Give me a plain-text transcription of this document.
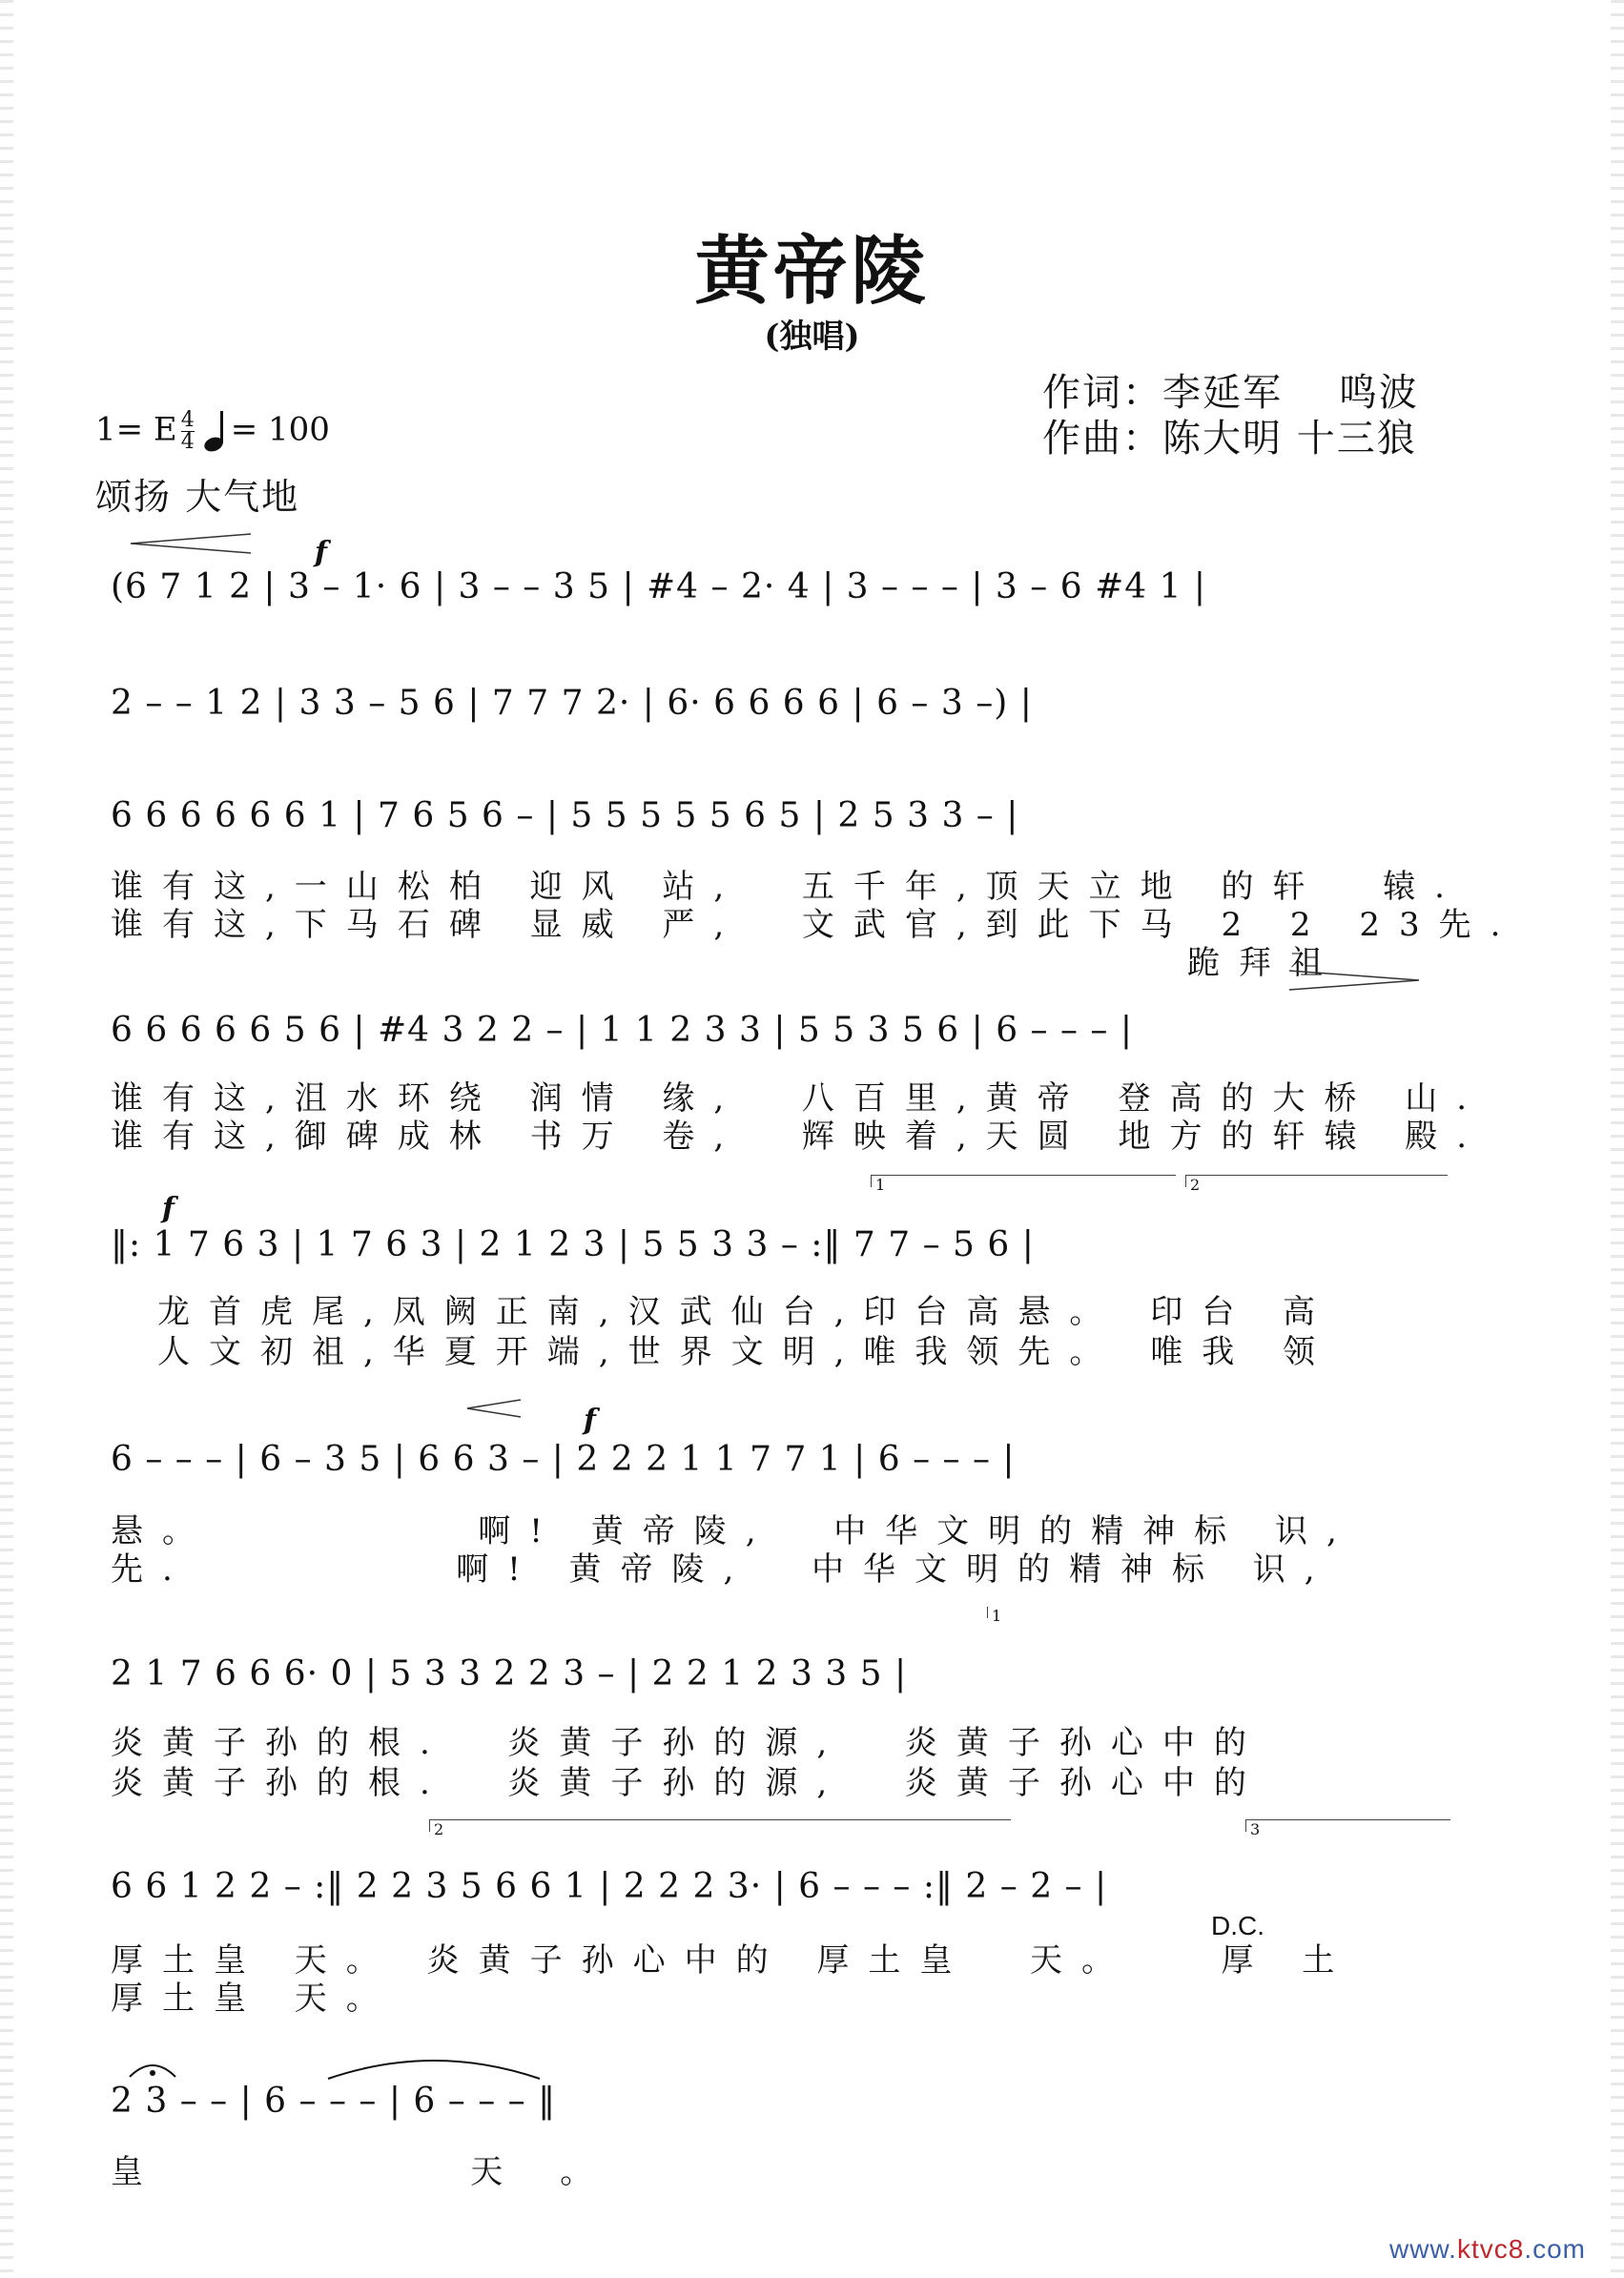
黄帝陵
(独唱)
作词：李延军    鸣波
作曲：陈大明 十三狼
1= E $\frac{4}{4} = 100$
颂扬 大气地
f
(6 7 1 2 | 3 – 1· 6 | 3 – – 3 5 | #4 – 2· 4 | 3 – – – | 3 – 6 #4 1 |
2 – – 1 2 | 3 3 – 5 6 | 7 7 7 2· | 6· 6 6 6 6 | 6 – 3 –) |
6 6 6 6 6 6 1 | 7 6 5 6 – | 5 5 5 5 5 6 5 | 2 5 3 3 – |
谁有这,一山松柏 迎风 站,  五千年,顶天立地 的轩  辕.
谁有这,下马石碑 显威 严,  文武官,到此下马 2 2 23先.
跪拜祖
6 6 6 6 6 5 6 | #4 3 2 2 – | 1 1 2 3 3 | 5 5 3 5 6 | 6 – – – |
谁有这,沮水环绕 润情 缘,  八百里,黄帝 登高的大桥 山.
谁有这,御碑成林 书万 卷,  辉映着,天圆 地方的轩辕 殿.
1	2
f
‖: 1 7 6 3 | 1 7 6 3 | 2 1 2 3 | 5 5 3 3 – :‖ 7 7 – 5 6 |
龙首虎尾,凤阙正南,汉武仙台,印台高悬。 印台 高
人文初祖,华夏开端,世界文明,唯我领先。 唯我 领
f
6 – – – | 6 – 3 5 | 6 6 3 – | 2 2 2 1 1 7 7 1 | 6 – – – |
悬。         啊! 黄帝陵,  中华文明的精神标 识,
先.         啊! 黄帝陵,  中华文明的精神标 识,
1
2 1 7 6 6 6· 0 | 5 3 3 2 2 3 – | 2 2 1 2 3 3 5 |
炎黄子孙的根.  炎黄子孙的源,  炎黄子孙心中的
炎黄子孙的根.  炎黄子孙的源,  炎黄子孙心中的
2	3
6 6 1 2 2 – :‖ 2 2 3 5 6 6 1 | 2 2 2 3· | 6 – – – :‖ 2 – 2 – |
D.C.
厚土皇 天。 炎黄子孙心中的 厚土皇  天。   厚 土
厚土皇 天。
2 3 – – | 6 – – – | 6 – – – ‖
皇    天。
www.ktvc8.com
